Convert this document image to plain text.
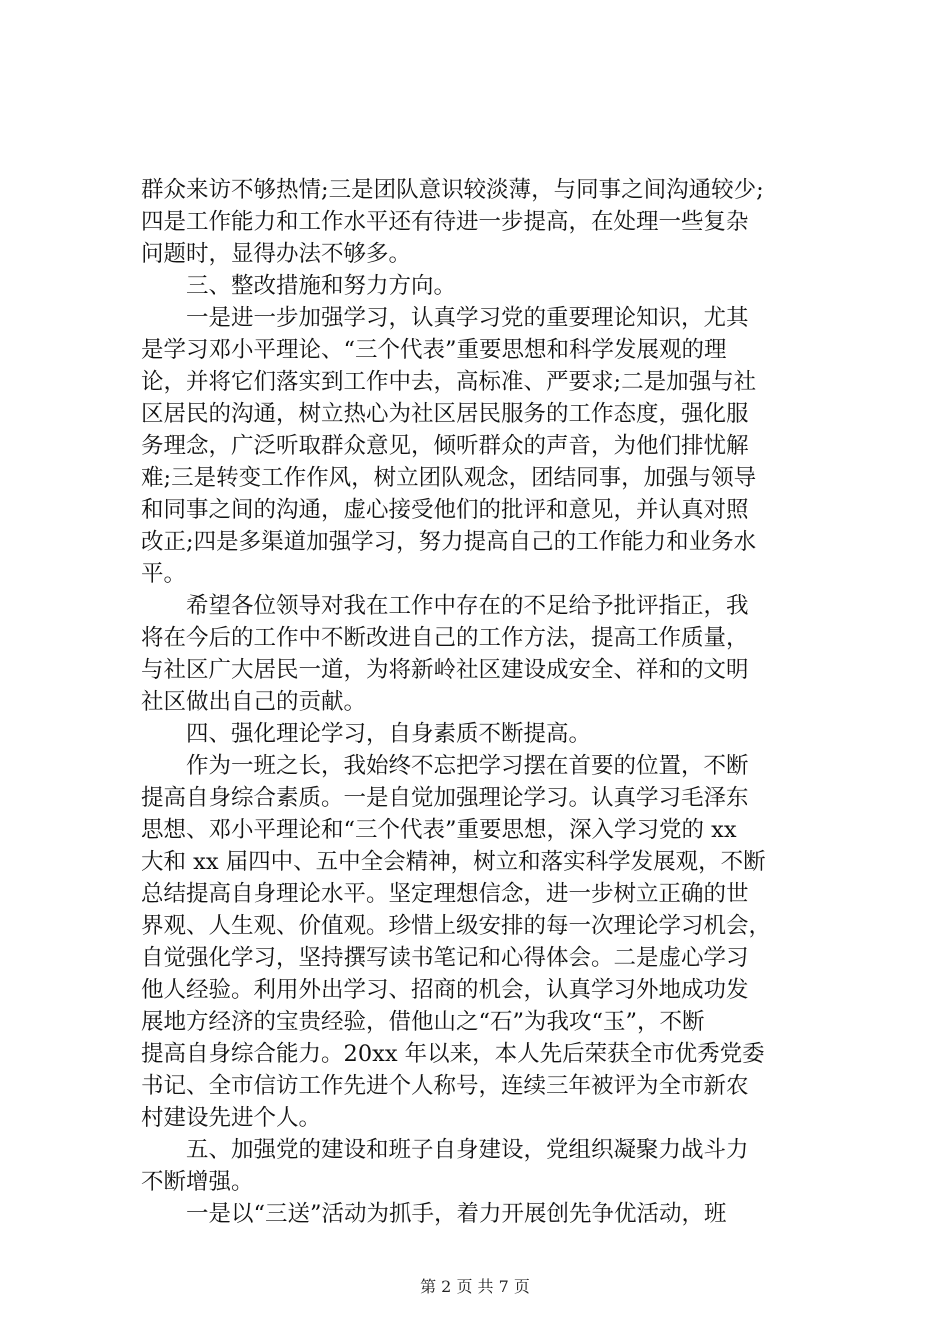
群众来访不够热情;三是团队意识较淡薄，与同事之间沟通较少;
四是工作能力和工作水平还有待进一步提高，在处理一些复杂
问题时，显得办法不够多。
三、整改措施和努力方向。
一是进一步加强学习，认真学习党的重要理论知识，尤其
是学习邓小平理论、“三个代表”重要思想和科学发展观的理
论，并将它们落实到工作中去，高标准、严要求;二是加强与社
区居民的沟通，树立热心为社区居民服务的工作态度，强化服
务理念，广泛听取群众意见，倾听群众的声音，为他们排忧解
难;三是转变工作作风，树立团队观念，团结同事，加强与领导
和同事之间的沟通，虚心接受他们的批评和意见，并认真对照
改正;四是多渠道加强学习，努力提高自己的工作能力和业务水
平。
希望各位领导对我在工作中存在的不足给予批评指正，我
将在今后的工作中不断改进自己的工作方法，提高工作质量，
与社区广大居民一道，为将新岭社区建设成安全、祥和的文明
社区做出自己的贡献。
四、强化理论学习，自身素质不断提高。
作为一班之长，我始终不忘把学习摆在首要的位置，不断
提高自身综合素质。一是自觉加强理论学习。认真学习毛泽东
思想、邓小平理论和“三个代表”重要思想，深入学习党的 xx
大和 xx 届四中、五中全会精神，树立和落实科学发展观，不断
总结提高自身理论水平。坚定理想信念，进一步树立正确的世
界观、人生观、价值观。珍惜上级安排的每一次理论学习机会，
自觉强化学习，坚持撰写读书笔记和心得体会。二是虚心学习
他人经验。利用外出学习、招商的机会，认真学习外地成功发
展地方经济的宝贵经验，借他山之“石”为我攻“玉”，不断
提高自身综合能力。20xx 年以来，本人先后荣获全市优秀党委
书记、全市信访工作先进个人称号，连续三年被评为全市新农
村建设先进个人。
五、加强党的建设和班子自身建设，党组织凝聚力战斗力
不断增强。
一是以“三送”活动为抓手，着力开展创先争优活动，班
第 2 页 共 7 页
